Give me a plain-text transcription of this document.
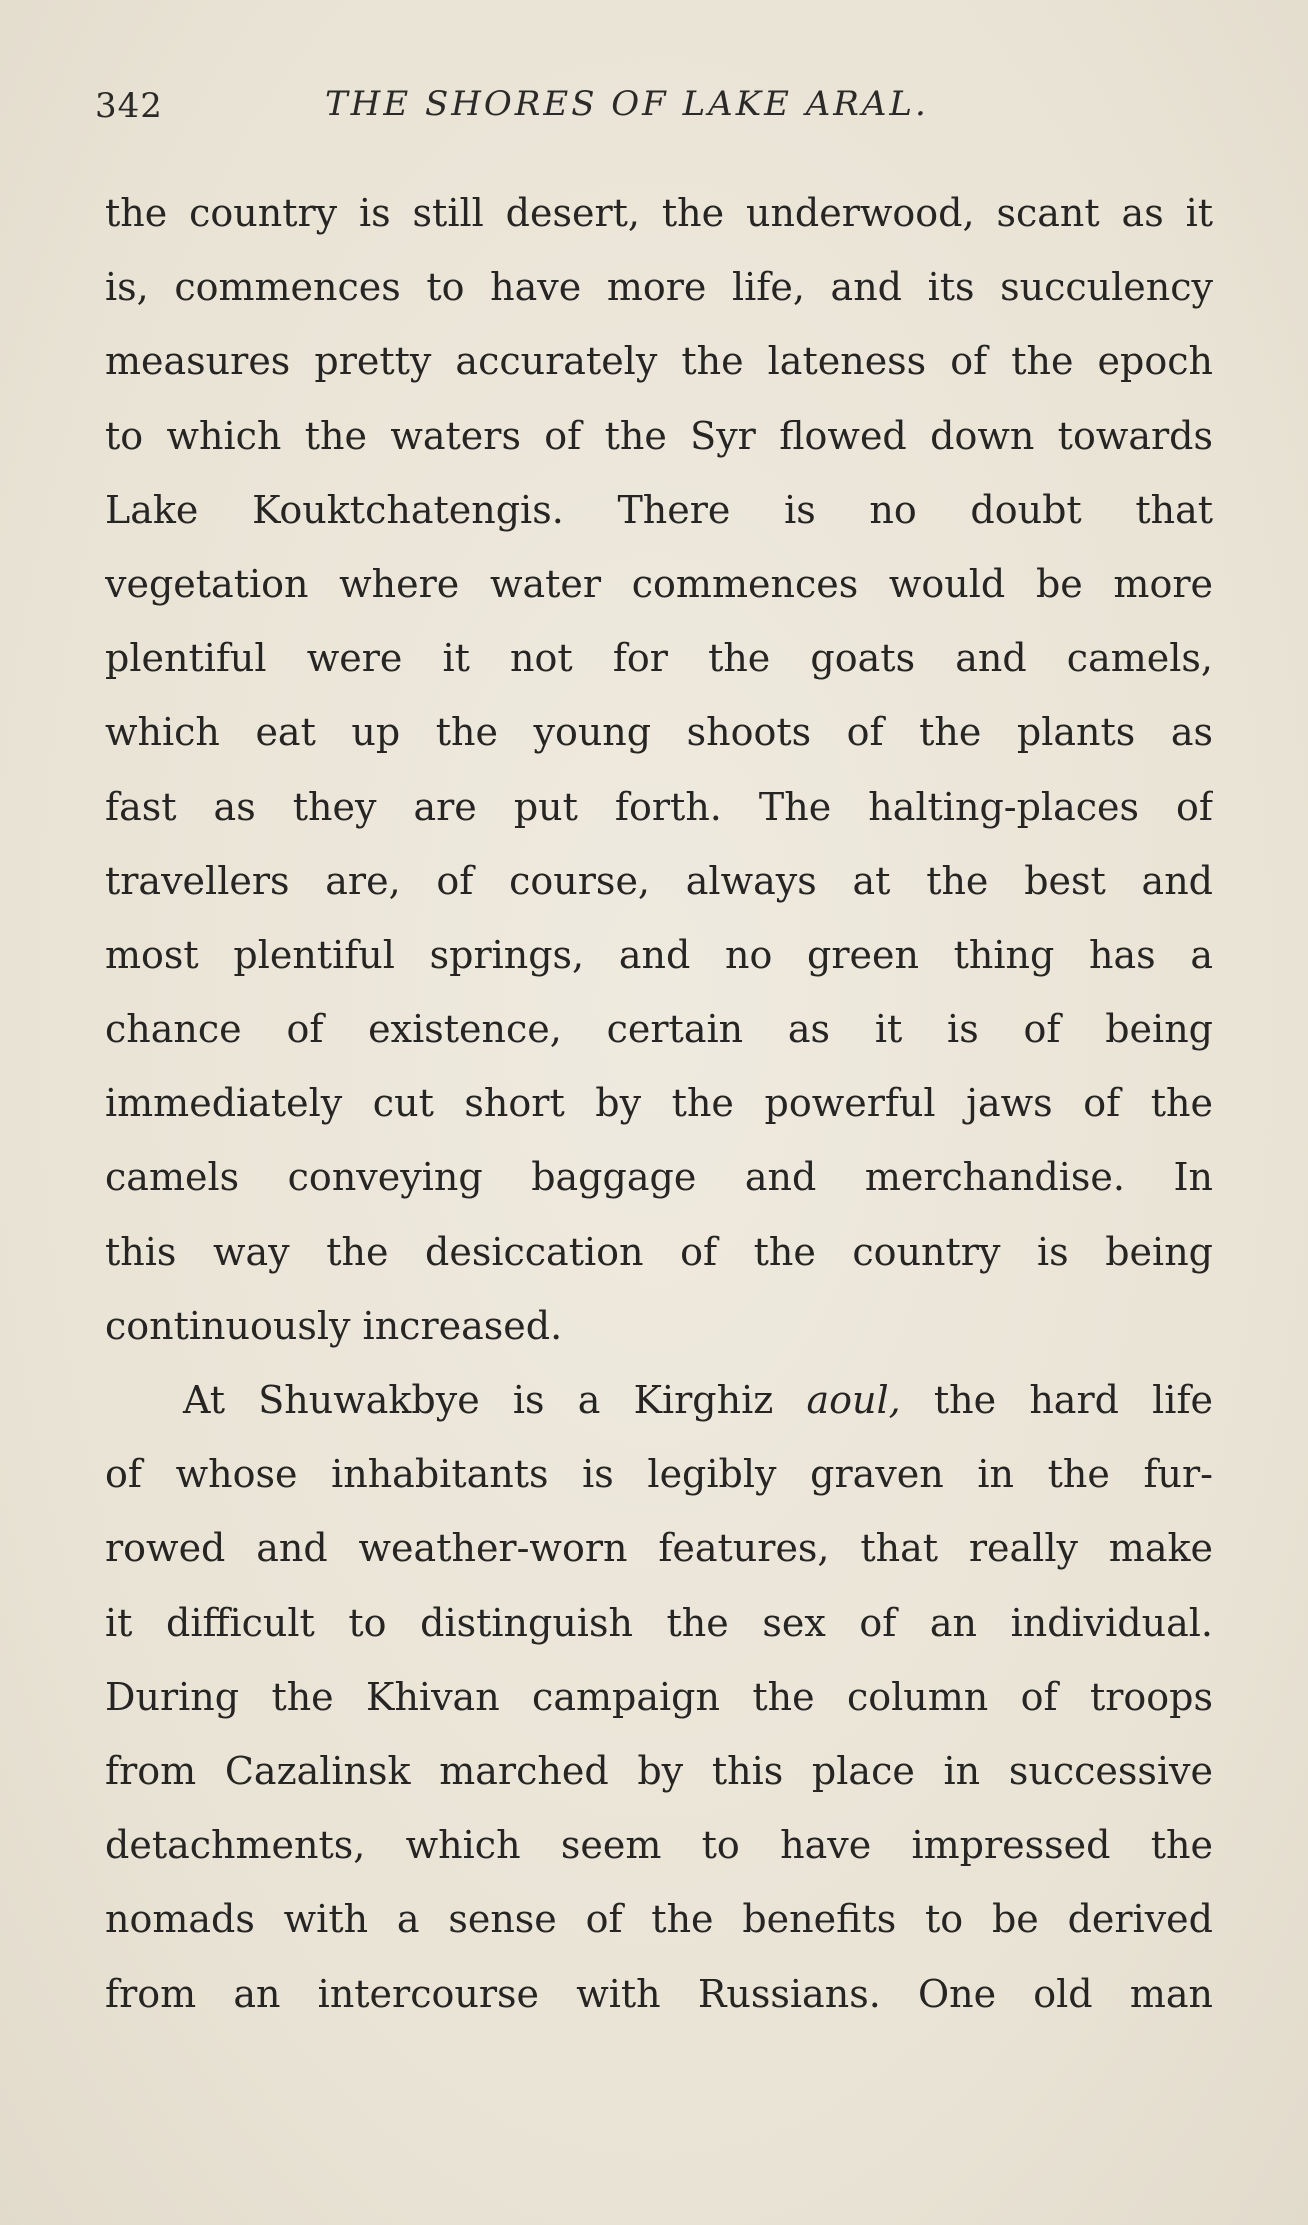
342	THE SHORES OF LAKE ARAL.
the country is still desert, the underwood, scant as it
is, commences to have more life, and its succulency
measures pretty accurately the lateness of the epoch
to which the waters of the Syr flowed down towards
Lake Kouktchatengis. There is no doubt that
vegetation where water commences would be more
plentiful were it not for the goats and camels,
which eat up the young shoots of the plants as
fast as they are put forth. The halting-places of
travellers are, of course, always at the best and
most plentiful springs, and no green thing has a
chance of existence, certain as it is of being
immediately cut short by the powerful jaws of the
camels conveying baggage and merchandise. In
this way the desiccation of the country is being
continuously increased.
At Shuwakbye is a Kirghiz aoul, the hard life
of whose inhabitants is legibly graven in the fur-
rowed and weather-worn features, that really make
it difficult to distinguish the sex of an individual.
During the Khivan campaign the column of troops
from Cazalinsk marched by this place in successive
detachments, which seem to have impressed the
nomads with a sense of the benefits to be derived
from an intercourse with Russians. One old man
